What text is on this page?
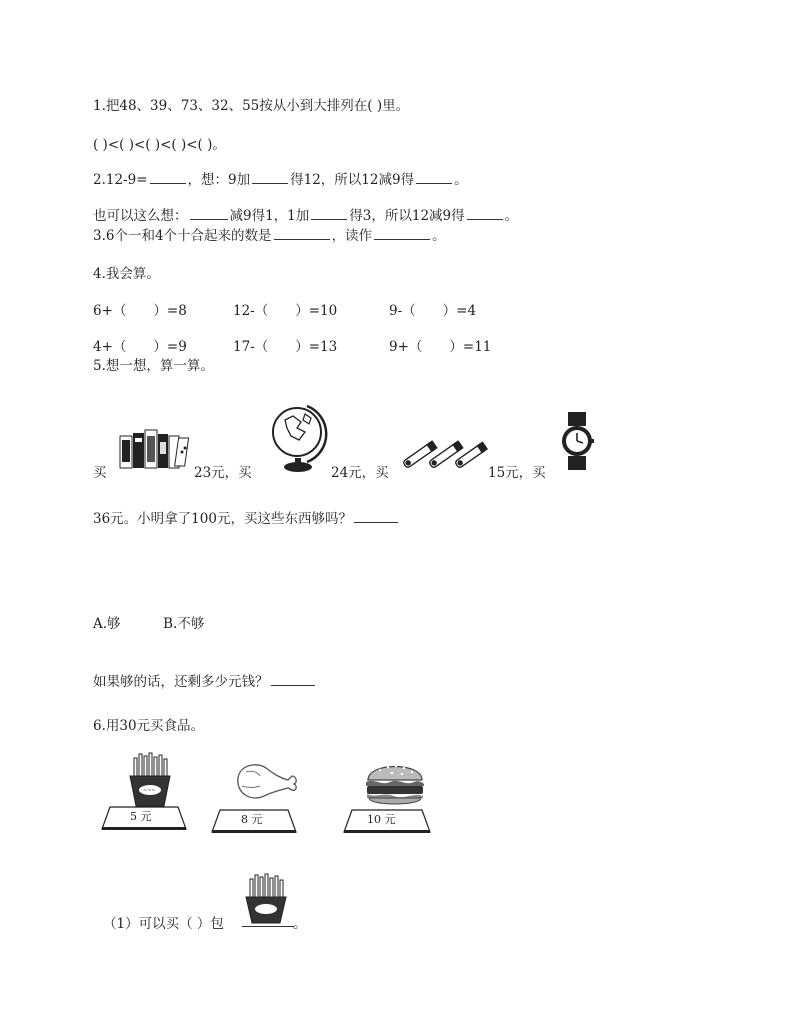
1.把48、39、73、32、55按从小到大排列在( )里。
( )<( )<( )<( )<( )。
2.12-9=	，想：9加	得12，所以12减9得	。
也可以这么想：	减9得1，1加	得3，所以12减9得	。
3.6个一和4个十合起来的数是	，读作	。
4.我会算。
6+（　　）=8	12-（　　）=10	9-（　　）=4
4+（　　）=9	17-（　　）=13	9+（　　）=11
5.想一想，算一算。
买	23元，买	24元，买	15元，买
36元。小明拿了100元，买这些东西够吗？
A.够	B.不够
如果够的话，还剩多少元钱？
6.用30元买食品。
~~~
5 元	8 元	10 元
（1）可以买（ ）包	。
